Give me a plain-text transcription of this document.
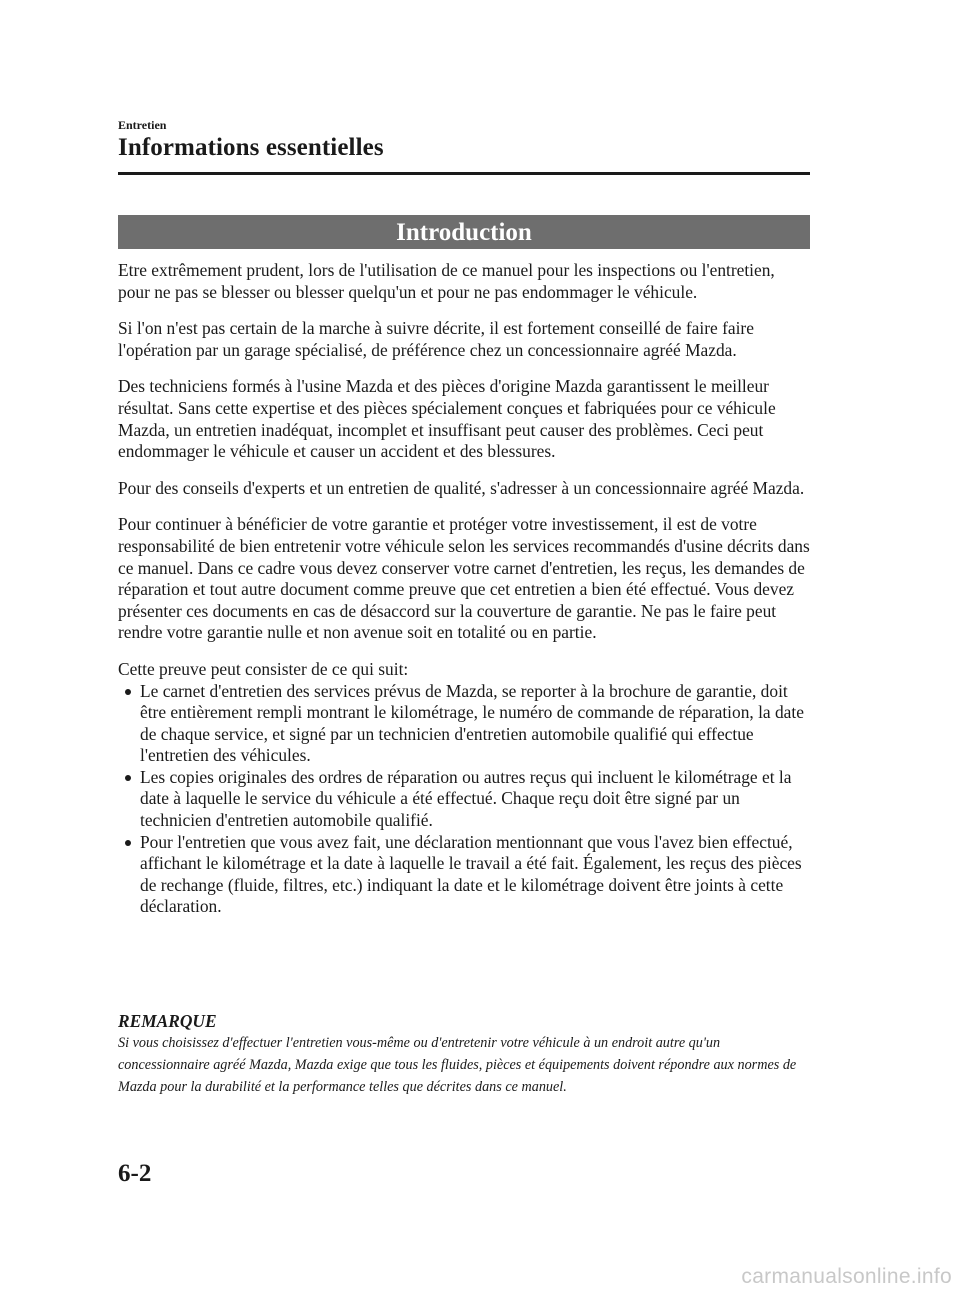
Entretien
Informations essentielles
Introduction

Etre extrêmement prudent, lors de l'utilisation de ce manuel pour les inspections ou l'entretien, pour ne pas se blesser ou blesser quelqu'un et pour ne pas endommager le véhicule.

Si l'on n'est pas certain de la marche à suivre décrite, il est fortement conseillé de faire faire l'opération par un garage spécialisé, de préférence chez un concessionnaire agréé Mazda.

Des techniciens formés à l'usine Mazda et des pièces d'origine Mazda garantissent le meilleur résultat. Sans cette expertise et des pièces spécialement conçues et fabriquées pour ce véhicule Mazda, un entretien inadéquat, incomplet et insuffisant peut causer des problèmes. Ceci peut endommager le véhicule et causer un accident et des blessures.

Pour des conseils d'experts et un entretien de qualité, s'adresser à un concessionnaire agréé Mazda.

Pour continuer à bénéficier de votre garantie et protéger votre investissement, il est de votre responsabilité de bien entretenir votre véhicule selon les services recommandés d'usine décrits dans ce manuel. Dans ce cadre vous devez conserver votre carnet d'entretien, les reçus, les demandes de réparation et tout autre document comme preuve que cet entretien a bien été effectué. Vous devez présenter ces documents en cas de désaccord sur la couverture de garantie. Ne pas le faire peut rendre votre garantie nulle et non avenue soit en totalité ou en partie.

Cette preuve peut consister de ce qui suit:
Le carnet d'entretien des services prévus de Mazda, se reporter à la brochure de garantie, doit être entièrement rempli montrant le kilométrage, le numéro de commande de réparation, la date de chaque service, et signé par un technicien d'entretien automobile qualifié qui effectue l'entretien des véhicules.
Les copies originales des ordres de réparation ou autres reçus qui incluent le kilométrage et la date à laquelle le service du véhicule a été effectué. Chaque reçu doit être signé par un technicien d'entretien automobile qualifié.
Pour l'entretien que vous avez fait, une déclaration mentionnant que vous l'avez bien effectué, affichant le kilométrage et la date à laquelle le travail a été fait. Également, les reçus des pièces de rechange (fluide, filtres, etc.) indiquant la date et le kilométrage doivent être joints à cette déclaration.
REMARQUE
Si vous choisissez d'effectuer l'entretien vous-même ou d'entretenir votre véhicule à un endroit autre qu'un concessionnaire agréé Mazda, Mazda exige que tous les fluides, pièces et équipements doivent répondre aux normes de Mazda pour la durabilité et la performance telles que décrites dans ce manuel.
6-2
carmanualsonline.info
